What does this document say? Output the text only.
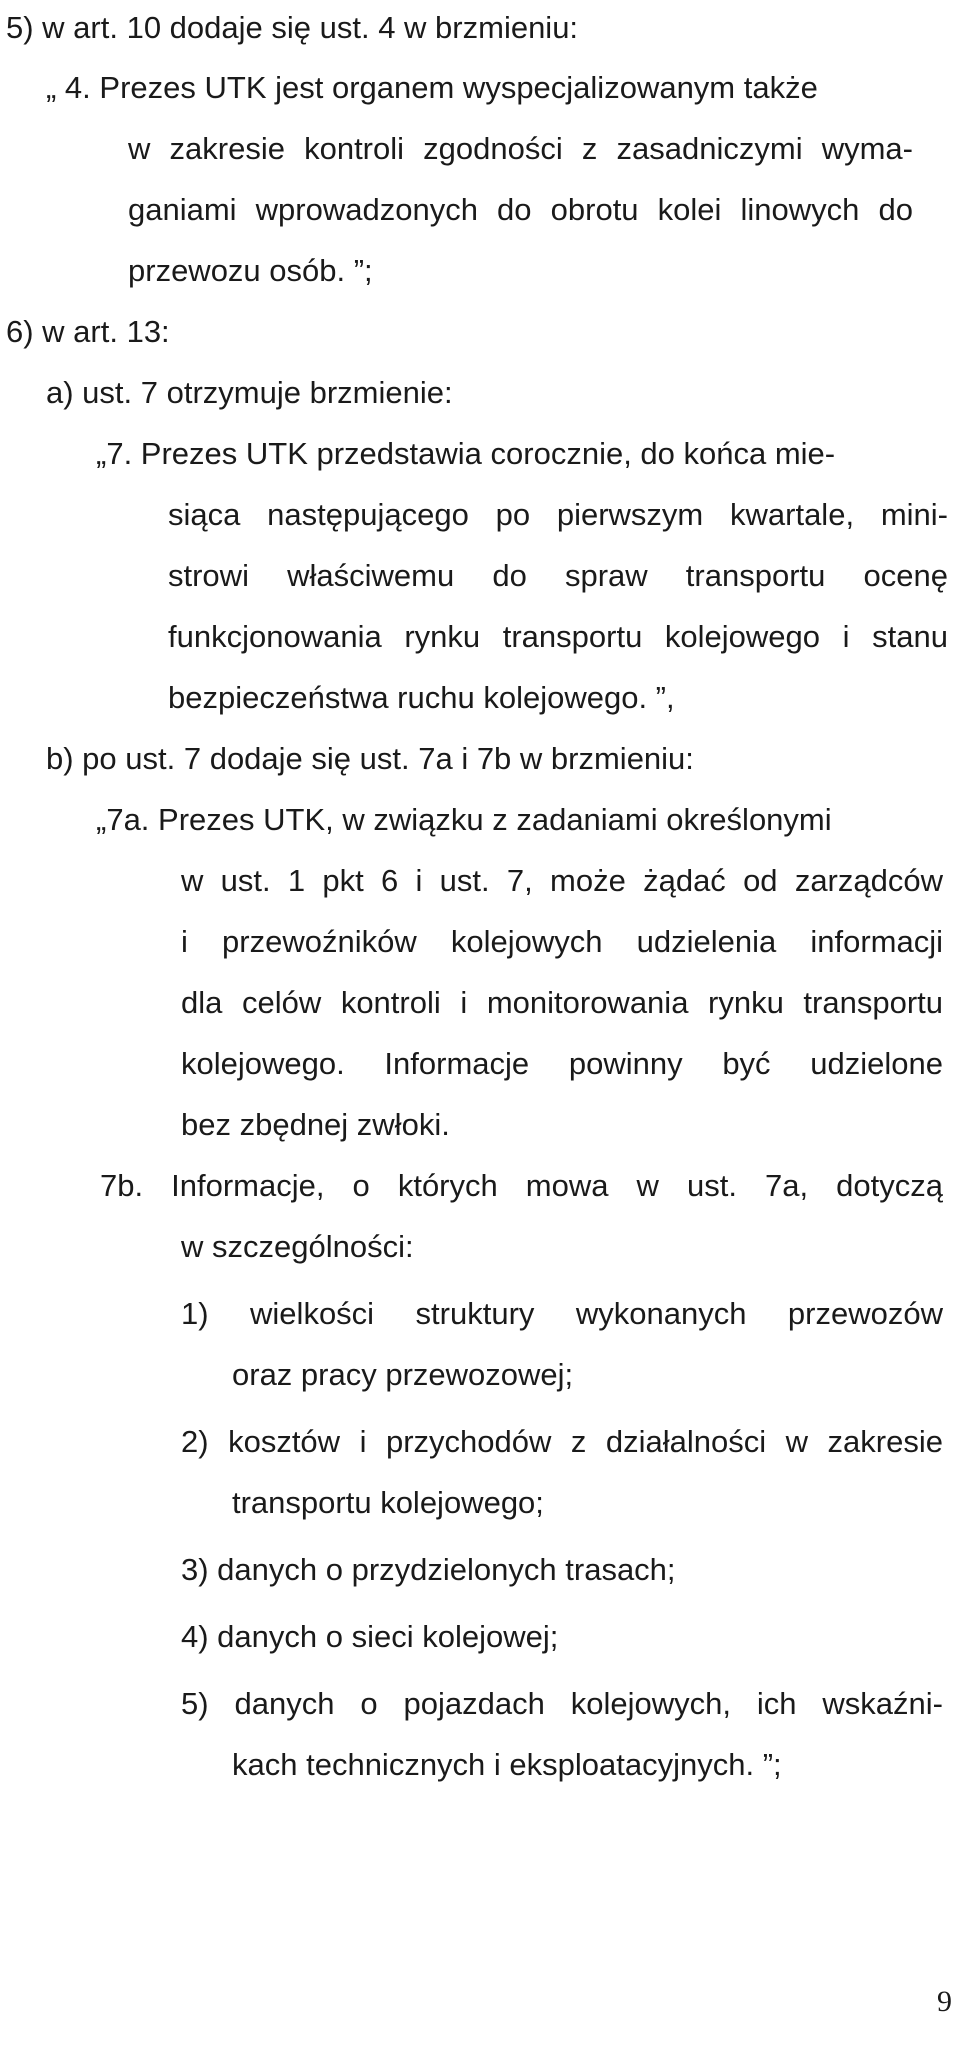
5) w art. 10 dodaje się ust. 4 w brzmieniu:
„ 4. Prezes UTK jest organem wyspecjalizowanym także
w zakresie kontroli zgodności z zasadniczymi wyma-
ganiami wprowadzonych do obrotu kolei linowych do
przewozu osób. ”;
6) w art. 13:
a) ust. 7 otrzymuje brzmienie:
„7. Prezes UTK przedstawia corocznie, do końca mie-
siąca następującego po pierwszym kwartale, mini-
strowi właściwemu do spraw transportu ocenę
funkcjonowania rynku transportu kolejowego i stanu
bezpieczeństwa ruchu kolejowego. ”,
b) po ust. 7 dodaje się ust. 7a i 7b w brzmieniu:
„7a. Prezes UTK, w związku z zadaniami określonymi
w ust. 1 pkt 6 i ust. 7, może żądać od zarządców
i przewoźników kolejowych udzielenia informacji
dla celów kontroli i monitorowania rynku transportu
kolejowego. Informacje powinny być udzielone
bez zbędnej zwłoki.
7b. Informacje, o których mowa w ust. 7a, dotyczą
w szczególności:
1) wielkości struktury wykonanych przewozów
oraz pracy przewozowej;
2) kosztów i przychodów z działalności w zakresie
transportu kolejowego;
3) danych o przydzielonych trasach;
4) danych o sieci kolejowej;
5) danych o pojazdach kolejowych, ich wskaźni-
kach technicznych i eksploatacyjnych. ”;
9
